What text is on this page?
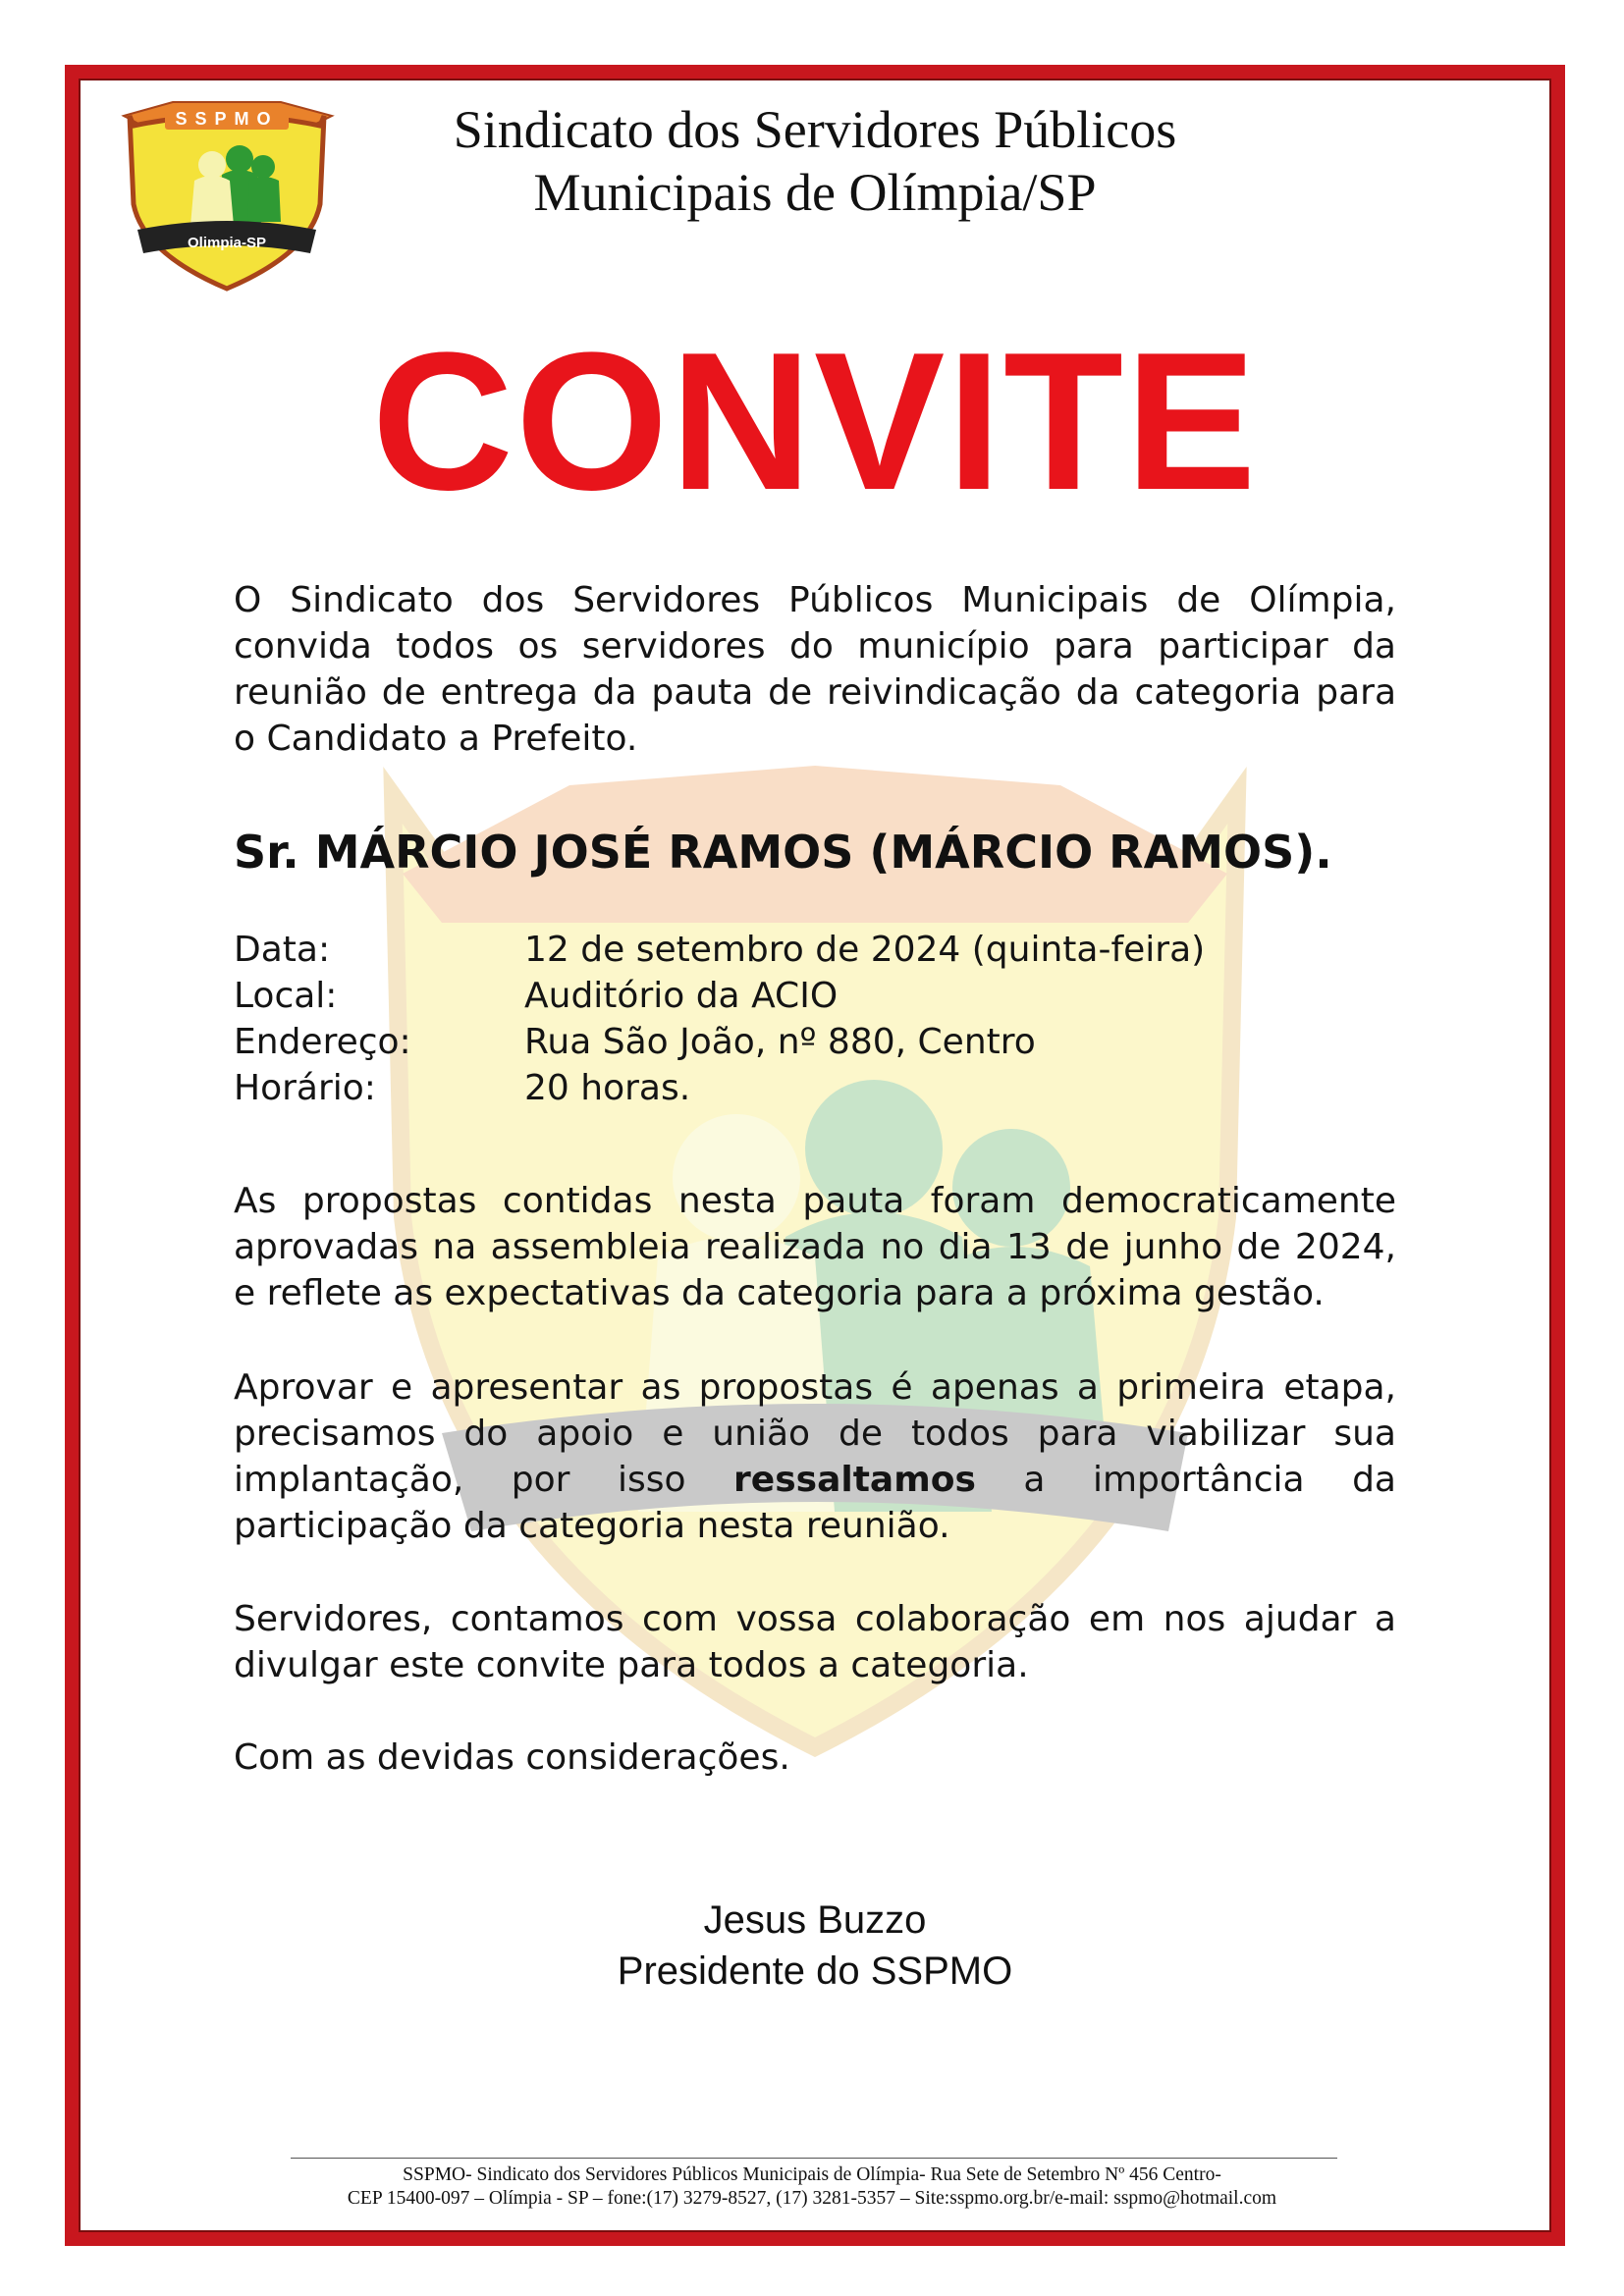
SSPMO
Olimpia-SP
Sindicato dos Servidores Públicos
Municipais de Olímpia/SP
CONVITE
O Sindicato dos Servidores Públicos Municipais de Olímpia, convida todos os servidores do município para participar da reunião de entrega da pauta de reivindicação da categoria para o Candidato a Prefeito.
Sr. MÁRCIO JOSÉ RAMOS (MÁRCIO RAMOS).
Data:	12 de setembro de 2024 (quinta-feira)
Local:	Auditório da ACIO
Endereço:	Rua São João, nº 880, Centro
Horário:	20 horas.
As propostas contidas nesta pauta foram democraticamente aprovadas na assembleia realizada no dia 13 de junho de 2024, e reflete as expectativas da categoria para a próxima gestão.
Aprovar e apresentar as propostas é apenas a primeira etapa, precisamos do apoio e união de todos para viabilizar sua implantação, por isso ressaltamos a importância da participação da categoria nesta reunião.
Servidores, contamos com vossa colaboração em nos ajudar a divulgar este convite para todos a categoria.
Com as devidas considerações.
Jesus Buzzo
Presidente do SSPMO
SSPMO- Sindicato dos Servidores Públicos Municipais de Olímpia- Rua Sete de Setembro Nº 456 Centro-
CEP 15400-097 – Olímpia - SP – fone:(17) 3279-8527, (17) 3281-5357 – Site:sspmo.org.br/e-mail: sspmo@hotmail.com
